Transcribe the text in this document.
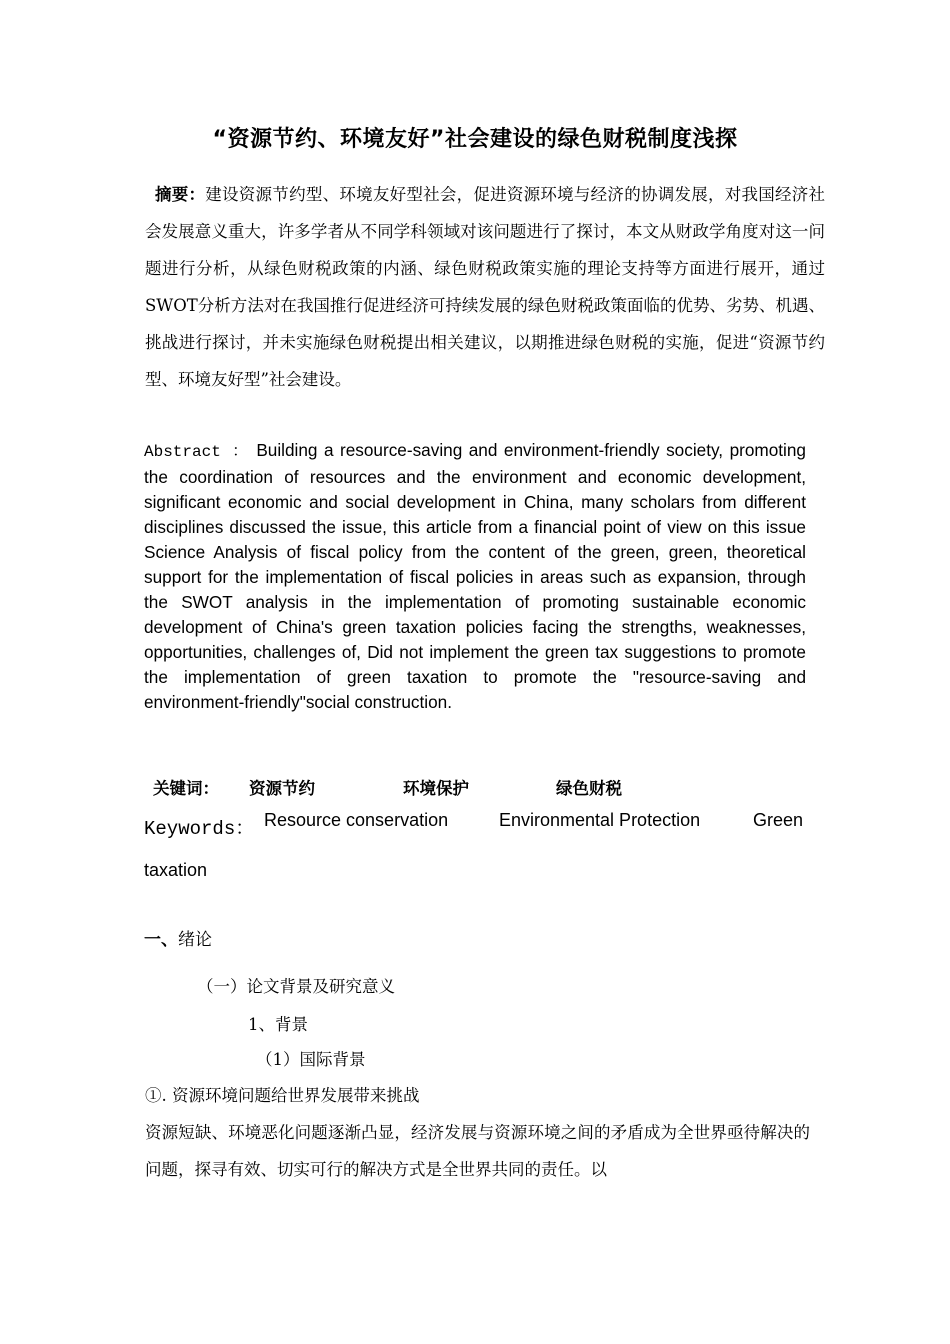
“资源节约、环境友好”社会建设的绿色财税制度浅探

摘要：建设资源节约型、环境友好型社会，促进资源环境与经济的协调发展，对我国经济社会发展意义重大，许多学者从不同学科领域对该问题进行了探讨，本文从财政学角度对这一问题进行分析，从绿色财税政策的内涵、绿色财税政策实施的理论支持等方面进行展开，通过SWOT分析方法对在我国推行促进经济可持续发展的绿色财税政策面临的优势、劣势、机遇、挑战进行探讨，并未实施绿色财税提出相关建议，以期推进绿色财税的实施，促进“资源节约型、环境友好型”社会建设。

Abstract ： Building a resource-saving and environment-friendly society, promoting the coordination of resources and the environment and economic development, significant economic and social development in China, many scholars from different disciplines discussed the issue, this article from a financial point of view on this issue Science Analysis of fiscal policy from the content of the green, green, theoretical support for the implementation of fiscal policies in areas such as expansion, through the SWOT analysis in the implementation of promoting sustainable economic development of China's green taxation policies facing the strengths, weaknesses, opportunities, challenges of, Did not implement the green tax suggestions to promote the implementation of green taxation to promote the "resource-saving and environment-friendly"social construction.

关键词： 资源节约	环境保护	绿色财税
Keywords： Resource conservation	Environmental Protection	Green
taxation
一、绪论
（一）论文背景及研究意义
1、背景
（1）国际背景
①. 资源环境问题给世界发展带来挑战

资源短缺、环境恶化问题逐渐凸显，经济发展与资源环境之间的矛盾成为全世界亟待解决的问题，探寻有效、切实可行的解决方式是全世界共同的责任。以
